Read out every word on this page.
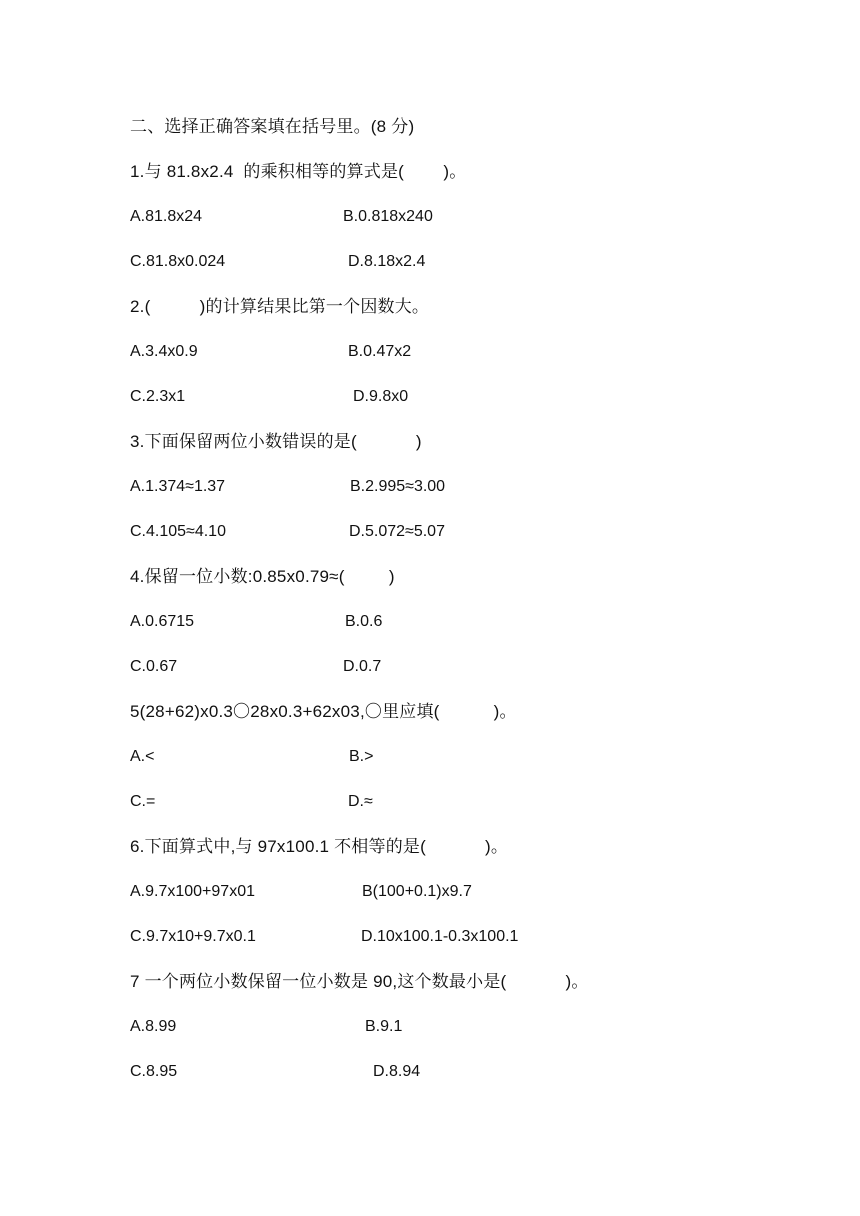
二、选择正确答案填在括号里。(8 分)
1.与 81.8x2.4  的乘积相等的算式是(        )。
A.81.8x24	B.0.818x240
C.81.8x0.024	D.8.18x2.4
2.(          )的计算结果比第一个因数大。
A.3.4x0.9	B.0.47x2
C.2.3x1	D.9.8x0
3.下面保留两位小数错误的是(            )
A.1.374≈1.37	B.2.995≈3.00
C.4.105≈4.10	D.5.072≈5.07
4.保留一位小数:0.85x0.79≈(         )
A.0.6715	B.0.6
C.0.67	D.0.7
5(28+62)x0.3〇28x0.3+62x03,〇里应填(           )。
A.<	B.>
C.=	D.≈
6.下面算式中,与 97x100.1 不相等的是(            )。
A.9.7x100+97x01	B(100+0.1)x9.7
C.9.7x10+9.7x0.1	D.10x100.1-0.3x100.1
7 一个两位小数保留一位小数是 90,这个数最小是(            )。
A.8.99	B.9.1
C.8.95	D.8.94
